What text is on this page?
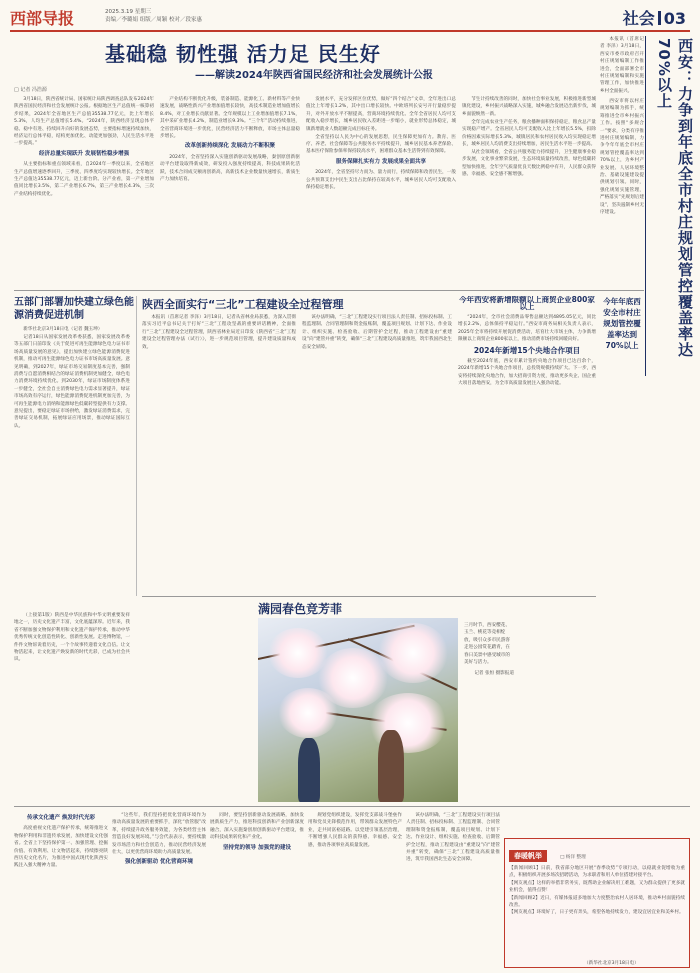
西部导报	2025.3.19 星期三
责编／李璐娟 组版／周颖 校对／段家惠	社会 03
基础稳 韧性强 活力足 民生好
——解读2024年陕西省国民经济和社会发展统计公报
□ 记者 冯浩源

3月18日，陕西省统计局、国家统计局陕西调查总队发布2024年陕西省国民经济和社会发展统计公报。根据地区生产总值统一核算初步结果，2024年全省地区生产总值35538.77亿元，比上年增长5.3%，人均生产总值增长5.4%。“2024年，陕西经济呈现总体平稳、稳中有进、持续回升向好的发展态势，主要指标增速持续加快，经济运行总体平稳，结构更加优化、动能更加强劲，人民生活水平进一步提高。”

经济总量实现跃升 发展韧性稳步增强

从主要指标和重点领域来看，自2024年一季度以来，全省地区生产总值增速逐季回升，三季度、四季度均实现较快增长。全年地区生产总值达35538.77亿元，迈上新台阶。分产业看，第一产业增加值同比增长3.5%，第二产业增长6.7%，第三产业增长4.3%，三次产业结构持续优化。

产业结构不断优化升级，装备制造、能源化工、新材料等产业快速发展，战略性新兴产业增加值增长较快，高技术制造业增加值增长8.4%，对工业增长贡献显著。全年规模以上工业增加值增长7.1%，其中采矿业增长4.2%，制造业增长9.3%。“三个年”活动持续推进，全省营商环境进一步优化，民营经济活力不断释放，市场主体总量稳步增长。

改革创新持续深化 发展动力不断积聚

2024年，全省坚持深入实施创新驱动发展战略，秦创原创新驱动平台建设取得新成效，研发投入强度持续提高，科技成果转化活跃，技术合同成交额再创新高，高新技术企业数量快速增长，新质生产力加快培育。

发展水平，充分发挥区位优势，做好“四个结合”文章，全年进出口总值比上年增长1.2%，其中出口增长较快。中欧班列长安号开行量稳步提升，对外开放水平不断提高，营商环境持续优化。全年全省居民人均可支配收入稳步增长，城乡居民收入差距进一步缩小，就业形势总体稳定，城镇新增就业人数超额完成目标任务。

全省坚持以人民为中心的发展思想，民生保障更加有力。教育、医疗、养老、社会保障等公共服务水平持续提升，城乡居民基本养老保险、基本医疗保险参保率保持较高水平，困难群众基本生活得到有效保障。

服务保障扎实有力 发展成果全面共享

2024年，全省坚持尽力而为、量力而行，持续保障和改善民生，一般公共预算支出中民生支出占比保持在较高水平，城乡居民人均可支配收入保持稳定增长。

节生计持续改善的同时，加快社会事业发展，积极推进新型城镇化建设，乡村振兴战略深入实施，城乡融合发展迈出新步伐，城乡面貌焕然一新。

全年完成农业生产任务，粮食播种面积保持稳定，粮食总产量实现稳产增产。全省居民人均可支配收入比上年增长5.5%，扣除价格因素实际增长5.3%，城镇居民和农村居民收入均实现稳定增长，城乡居民人均消费支出持续增加，居民生活水平进一步提高。

从社会领域看，全省公共服务能力持续提升，卫生健康事业稳步发展，文化事业繁荣发展，生态环境质量持续改善，绿色低碳转型加快推进，全年空气质量优良天数比例稳中有升，人民群众获得感、幸福感、安全感不断增强。

本报讯（首席记者 李泽）3月18日，西安市委市政府召开村庄规划编制工作推进会，全面部署全市村庄规划编制和实施管理工作，加快推进乡村全面振兴。	西安：力争到年底全市村庄规划管控覆盖率达70%以上

西安市将以村庄规划编制为抓手，统筹推进全市乡村振兴工作。按照“多规合一”要求，分类有序推进村庄规划编制，力争今年年底全市村庄规划管控覆盖率达到70%以上，为乡村产业发展、人居环境整治、基础设施建设提供规划引领。同时，强化规划实施管理，严格落实“先规划后建设”，坚决遏制乡村无序建设。

五部门部署加快建立绿色能源消费促进机制

新华社北京3月18日电（记者 魏玉坤）

记者18日从国家发展改革委获悉，国家发展改革委等五部门日前印发《关于促进可再生能源绿色电力证书市场高质量发展的意见》，提出加快建立绿色能源消费促进机制，推动可再生能源绿色电力证书市场高质量发展。意见明确，到2027年，绿证市场交易制度基本完善，强制消费与自愿消费相结合的绿证消费机制更加健全，绿色电力消费环境持续优化。到2030年，绿证市场制度体系进一步健全，全社会自主消费绿色电力需求显著提升，绿证市场高效有序运行，绿色能源消费促进机制更加完善，为可再生能源电力消纳和能源绿色低碳转型提供有力支撑。意见提出，要稳定绿证市场供给，激发绿证消费需求，完善绿证交易机制，拓展绿证应用场景，推动绿证国际互认。

陕西全面实行“三北”工程建设全过程管理

本报讯（首席记者 李泽）3月18日，记者从省林业局获悉，为深入贯彻落实习近平总书记关于打好“三北”工程攻坚战的重要讲话精神，全面推行“三北”工程建设全过程管理，陕西省林业局近日印发《陕西省“三北”工程建设全过程管理办法（试行）》，进一步规范项目管理，提升建设质量和成效。

该办法明确，“三北”工程建设实行项目法人责任制、招标投标制、工程监理制、合同管理制和资金报账制，覆盖项目规划、计划下达、作业设计、组织实施、检查验收、后期管护全过程，推动工程建设由“重建设”向“建管并重”转变，确保“三北”工程建设高质量推进，筑牢我国西北生态安全屏障。

今年年底西安全市村庄规划管控覆盖率达到70%以上
今年西安将新增限额以上商贸企业800家以上

“2024年，全市社会消费品零售总额达到4895.05亿元，同比增长2.2%，总体保持平稳运行。”西安市商务局相关负责人表示，2025年全市将持续开展促消费活动，培育壮大市场主体，力争新增限额以上商贸企业800家以上，推动消费市场持续回暖向好。

2024年新增15个央地合作项目

截至2024年底，西安市累计签约央地合作项目已达百余个，2024年新增15个央地合作项目，总投资规模持续扩大。下一步，西安将持续深化央地合作，加大招商引资力度，推动更多央企、国企重大项目落地西安，为全市高质量发展注入强劲动能。

满园春色竞芳菲

三月时节，西安樱花、玉兰、桃花等竞相绽放，吸引众多市民游客走进公园赏花踏青，在春日美景中感受城市的美好与活力。

记者 张恒 摄影报道

（上接第1版）陕西是中华民族和中华文明重要发祥地之一，历史文化遗产丰富，文化底蕴深厚。近年来，我省不断加强文物保护利用和文化遗产保护传承，推动中华优秀传统文化创造性转化、创新性发展。走进博物馆，一件件文物诉说着历史，一个个故事传递着文化自信。让文物活起来，让文化遗产焕发新的时代光彩，已成为社会共识。

传承文化遗产 焕发时代光彩

高度重视文化遗产保护传承，统筹推进文物保护利用和非遗传承发展，加快建设文化强省。全省上下坚持保护第一、加强管理、挖掘价值、有效利用、让文物活起来，持续擦亮陕西历史文化名片，为推进中国式现代化陕西实践注入强大精神力量。

“这些年，我们坚持把优化营商环境作为推动高质量发展的重要抓手，深化“放管服”改革，持续提升政务服务效能，为各类经营主体营造良好发展环境。”与会代表表示，要持续激发市场活力和社会创造力，推动民营经济发展壮大，以更优营商环境助力高质量发展。

强化创新驱动 优化营商环境

同时，要坚持创新驱动发展战略，加快发展新质生产力，推进科技创新和产业创新深度融合，深入实施秦创原创新驱动平台建设，推动科技成果转化和产业化。

坚持党的领导 加强党的建设

规划党组织建设，发挥党支部战斗堡垒作用和党员先锋模范作用，带领群众发展特色产业，走共同富裕道路。以党建引领基层治理，不断增强人民群众的获得感、幸福感、安全感，推动各项事业高质量发展。

该办法明确，“三北”工程建设实行项目法人责任制、招标投标制、工程监理制、合同管理制和资金报账制，覆盖项目规划、计划下达、作业设计、组织实施、检查验收、后期管护全过程，推动工程建设由“重建设”向“建管并重”转变，确保“三北”工程建设高质量推进，筑牢我国西北生态安全屏障。	春暖帆举	□ 杨洋 整理
【新闻回顾1】日前，我省部分地区开展“春季攻势”专项行动，以稳就业促增收为重点，积极组织开展多场次招聘活动，为求职者和用人单位搭建对接平台。
【网友观点】这样的举措非常务实，既帮助企业解决用工难题，又为群众提供了更多就业机会，值得点赞！
【新闻回顾2】近日，有媒体报道多地加大力度整治农村人居环境，推动乡村面貌持续改善。
【网友观点】环境好了，日子更有奔头，希望各地持续发力，建设宜居宜业和美乡村。
（新华社北京3月18日电）
